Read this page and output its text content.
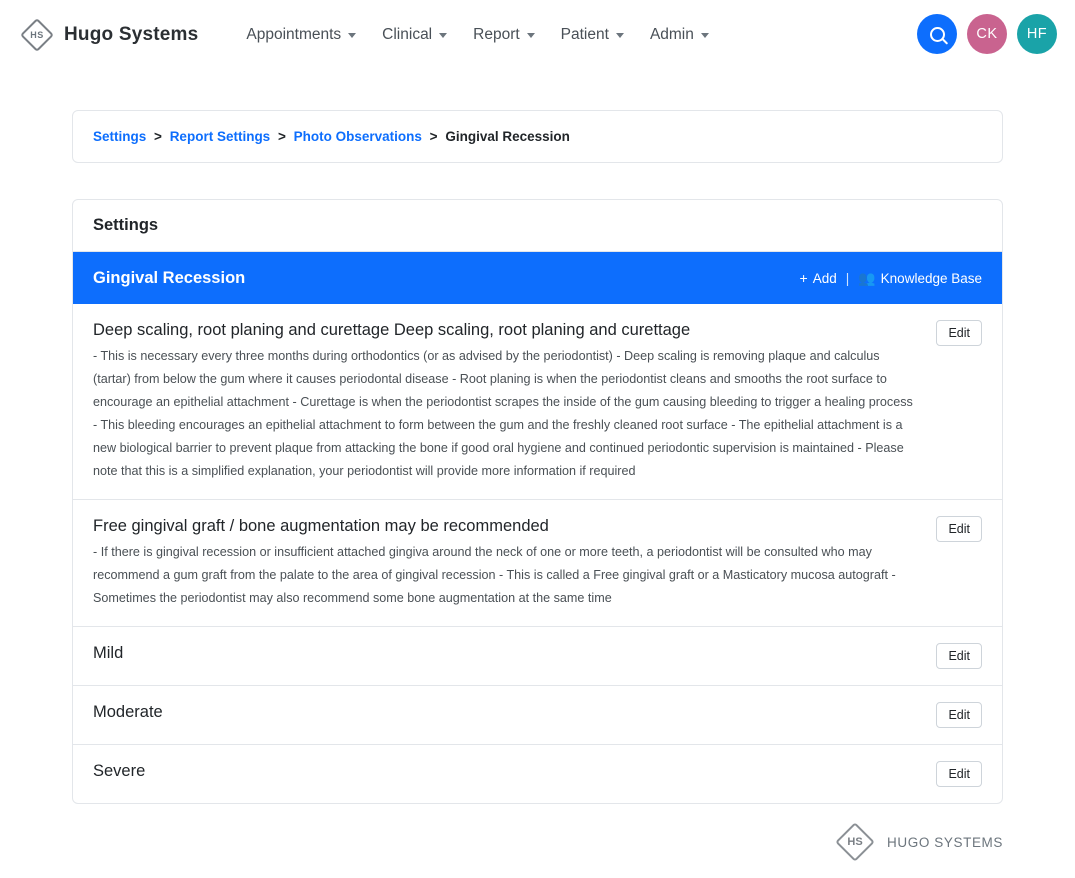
HS	Hugo Systems	Appointments	Clinical	Report	Patient	Admin	CK HF
Settings > Report Settings > Photo Observations > Gingival Recession
Settings
Gingival Recession	+ Add | 👥 Knowledge Base
Deep scaling, root planing and curettage Deep scaling, root planing and curettage
- This is necessary every three months during orthodontics (or as advised by the periodontist) - Deep scaling is removing plaque and calculus (tartar) from below the gum where it causes periodontal disease - Root planing is when the periodontist cleans and smooths the root surface to encourage an epithelial attachment - Curettage is when the periodontist scrapes the inside of the gum causing bleeding to trigger a healing process - This bleeding encourages an epithelial attachment to form between the gum and the freshly cleaned root surface - The epithelial attachment is a new biological barrier to prevent plaque from attacking the bone if good oral hygiene and continued periodontic supervision is maintained - Please note that this is a simplified explanation, your periodontist will provide more information if required
Edit
Free gingival graft / bone augmentation may be recommended
- If there is gingival recession or insufficient attached gingiva around the neck of one or more teeth, a periodontist will be consulted who may recommend a gum graft from the palate to the area of gingival recession - This is called a Free gingival graft or a Masticatory mucosa autograft - Sometimes the periodontist may also recommend some bone augmentation at the same time
Edit
Mild	Edit
Moderate	Edit
Severe	Edit
HS	HUGO SYSTEMS
